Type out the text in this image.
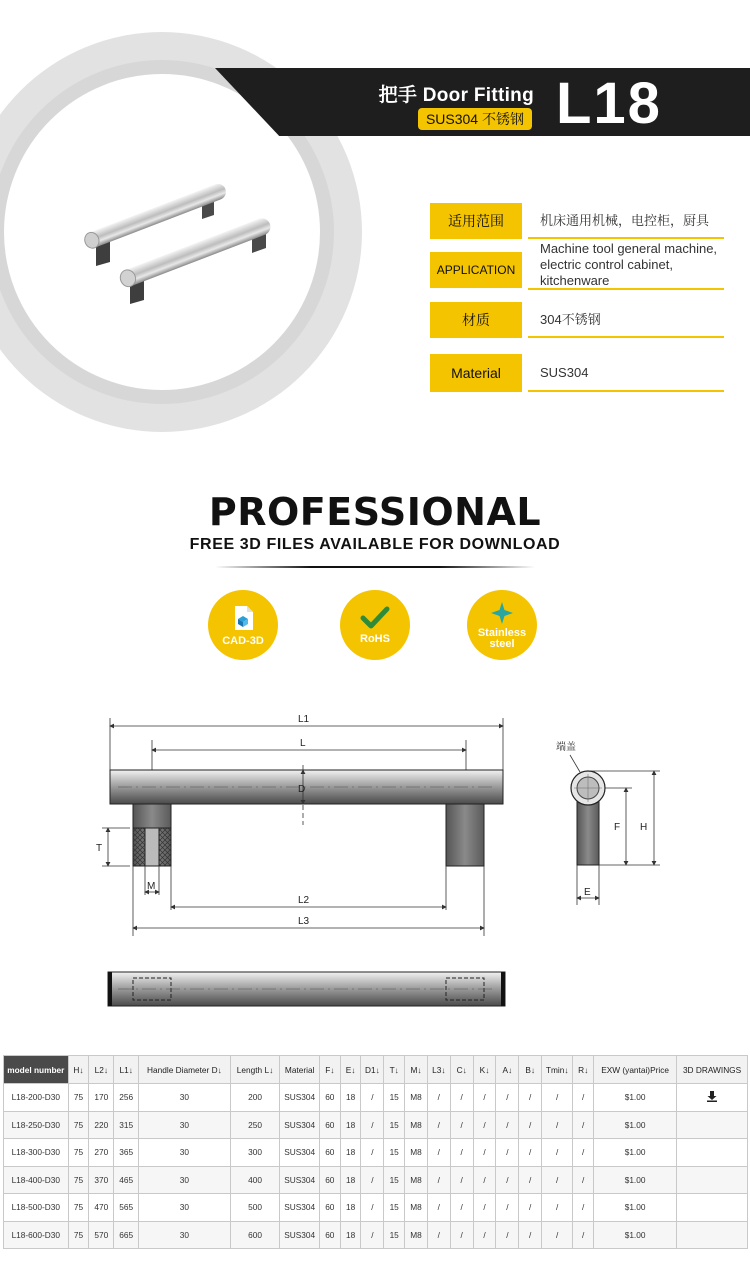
把手 Door Fitting
SUS304 不锈钢 L18
适用范围	机床通用机械，电控柜，厨具
APPLICATION
Machine tool general machine, electric control cabinet, kitchenware
材质	304不锈钢
Material	SUS304
PROFESSIONAL
FREE 3D FILES AVAILABLE FOR DOWNLOAD
CAD-3D	RoHS
Stainless steel
L1
L
D
T
M
L2
L3
端盖
F H
E
model number	H↓	L2↓	L1↓	Handle Diameter D↓	Length L↓	Material	F↓	E↓	D1↓	T↓	M↓	L3↓	C↓	K↓	A↓	B↓	Tmin↓	R↓	EXW (yantai)Price	3D DRAWINGS
L18-200-D30	75	170	256	30	200	SUS304	60	18	/	15	M8	/	/	/	/	/	/	/	$1.00	
L18-250-D30	75	220	315	30	250	SUS304	60	18	/	15	M8	/	/	/	/	/	/	/	$1.00	
L18-300-D30	75	270	365	30	300	SUS304	60	18	/	15	M8	/	/	/	/	/	/	/	$1.00	
L18-400-D30	75	370	465	30	400	SUS304	60	18	/	15	M8	/	/	/	/	/	/	/	$1.00	
L18-500-D30	75	470	565	30	500	SUS304	60	18	/	15	M8	/	/	/	/	/	/	/	$1.00	
L18-600-D30	75	570	665	30	600	SUS304	60	18	/	15	M8	/	/	/	/	/	/	/	$1.00	
